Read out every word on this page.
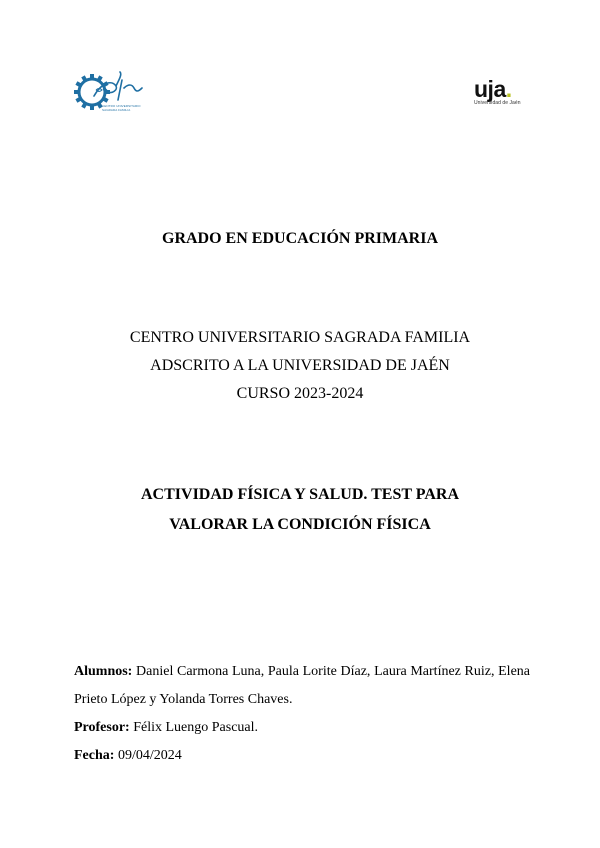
CENTRO UNIVERSITARIO
SAGRADA FAMILIA
uja.
Universidad de Jaén
GRADO EN EDUCACIÓN PRIMARIA
CENTRO UNIVERSITARIO SAGRADA FAMILIA
ADSCRITO A LA UNIVERSIDAD DE JAÉN
CURSO 2023-2024
ACTIVIDAD FÍSICA Y SALUD. TEST PARA
VALORAR LA CONDICIÓN FÍSICA

Alumnos: Daniel Carmona Luna, Paula Lorite Díaz, Laura Martínez Ruiz, Elena Prieto López y Yolanda Torres Chaves.

Profesor: Félix Luengo Pascual.

Fecha: 09/04/2024
